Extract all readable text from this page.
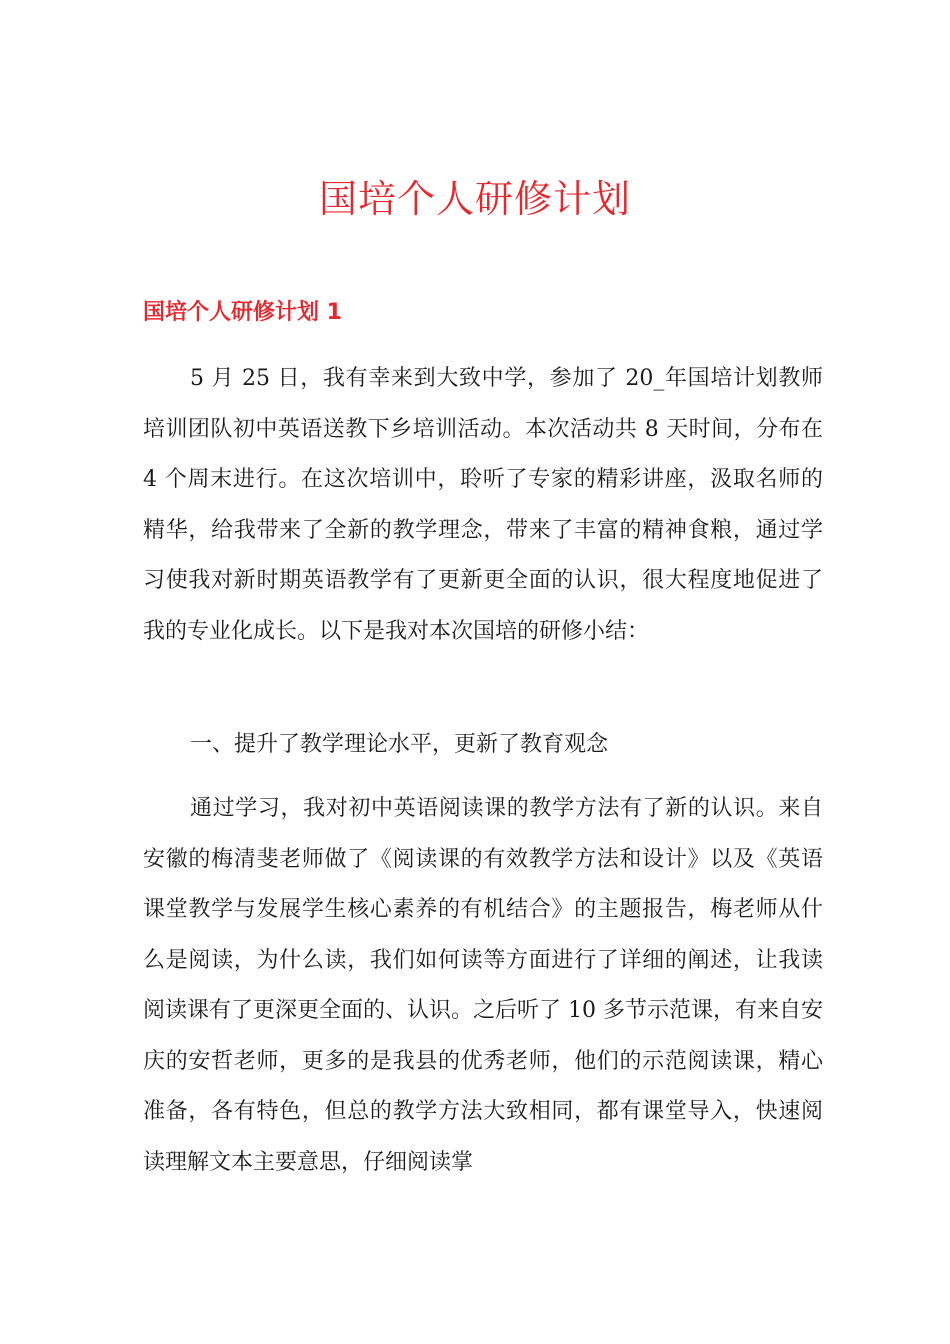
国培个人研修计划
国培个人研修计划 1

5 月 25 日，我有幸来到大致中学，参加了 20_年国培计划教师培训团队初中英语送教下乡培训活动。本次活动共 8 天时间，分布在 4 个周末进行。在这次培训中，聆听了专家的精彩讲座，汲取名师的精华，给我带来了全新的教学理念，带来了丰富的精神食粮，通过学习使我对新时期英语教学有了更新更全面的认识，很大程度地促进了我的专业化成长。以下是我对本次国培的研修小结：

一、提升了教学理论水平，更新了教育观念

通过学习，我对初中英语阅读课的教学方法有了新的认识。来自安徽的梅清斐老师做了《阅读课的有效教学方法和设计》以及《英语课堂教学与发展学生核心素养的有机结合》的主题报告，梅老师从什么是阅读，为什么读，我们如何读等方面进行了详细的阐述，让我读阅读课有了更深更全面的、认识。之后听了 10 多节示范课，有来自安庆的安哲老师，更多的是我县的优秀老师，他们的示范阅读课，精心准备，各有特色，但总的教学方法大致相同，都有课堂导入，快速阅读理解文本主要意思，仔细阅读掌
